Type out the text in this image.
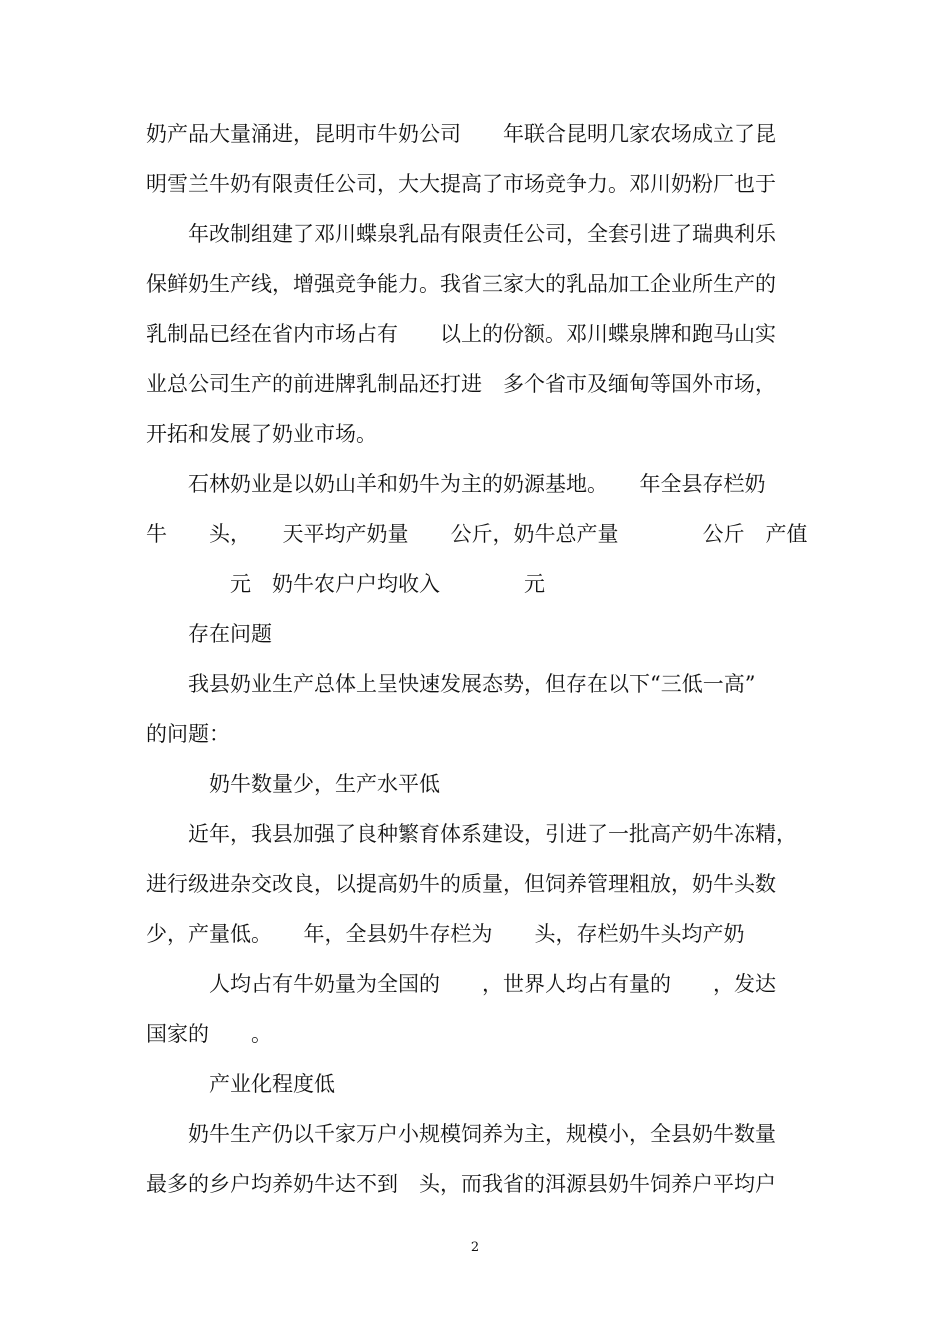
奶产品大量涌进，昆明市牛奶公司　　年联合昆明几家农场成立了昆
明雪兰牛奶有限责任公司，大大提高了市场竞争力。邓川奶粉厂也于
　　年改制组建了邓川蝶泉乳品有限责任公司，全套引进了瑞典利乐
保鲜奶生产线，增强竞争能力。我省三家大的乳品加工企业所生产的
乳制品已经在省内市场占有　　以上的份额。邓川蝶泉牌和跑马山实
业总公司生产的前进牌乳制品还打进　多个省市及缅甸等国外市场，
开拓和发展了奶业市场。
　　石林奶业是以奶山羊和奶牛为主的奶源基地。　　年全县存栏奶
牛　　头，　　天平均产奶量　　公斤，奶牛总产量　　　　公斤　产值
　　　　元　奶牛农户户均收入　　　　元
　　存在问题
　　我县奶业生产总体上呈快速发展态势，但存在以下“三低一高”
的问题：
　　　奶牛数量少，生产水平低
　　近年，我县加强了良种繁育体系建设，引进了一批高产奶牛冻精，
进行级进杂交改良，以提高奶牛的质量，但饲养管理粗放，奶牛头数
少，产量低。　　年，全县奶牛存栏为　　头，存栏奶牛头均产奶
　　　人均占有牛奶量为全国的　　，世界人均占有量的　　，发达
国家的　　。
　　　产业化程度低
　　奶牛生产仍以千家万户小规模饲养为主，规模小，全县奶牛数量
最多的乡户均养奶牛达不到　头，而我省的洱源县奶牛饲养户平均户
2
